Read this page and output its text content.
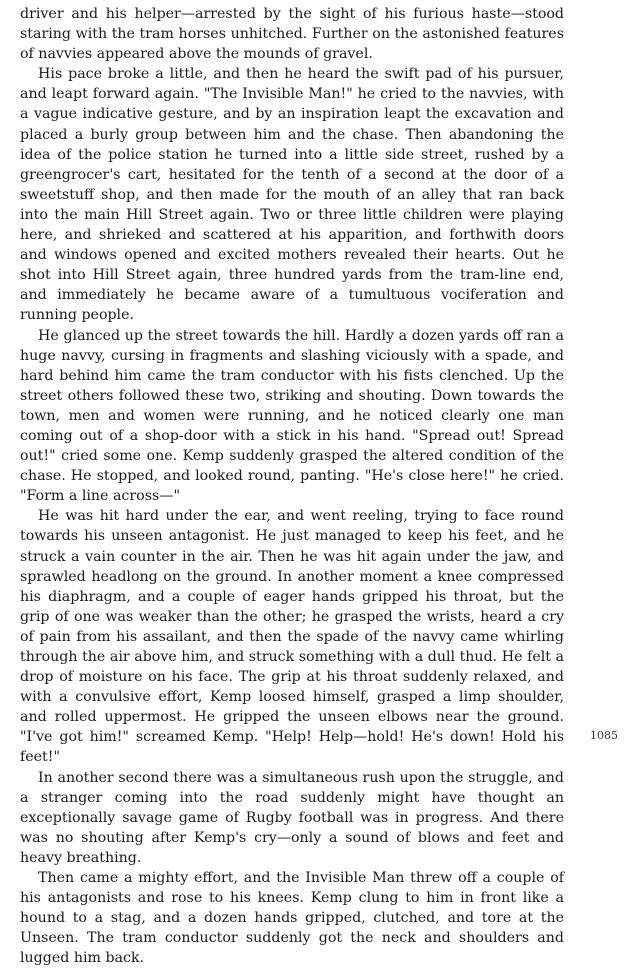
driver and his helper—arrested by the sight of his furious haste—stood staring with the tram horses unhitched. Further on the astonished features of navvies appeared above the mounds of gravel.

His pace broke a little, and then he heard the swift pad of his pursuer, and leapt forward again. "The Invisible Man!" he cried to the navvies, with a vague indicative gesture, and by an inspiration leapt the excavation and placed a burly group between him and the chase. Then abandoning the idea of the police station he turned into a little side street, rushed by a greengrocer's cart, hesitated for the tenth of a second at the door of a sweetstuff shop, and then made for the mouth of an alley that ran back into the main Hill Street again. Two or three little children were playing here, and shrieked and scattered at his apparition, and forthwith doors and windows opened and excited mothers revealed their hearts. Out he shot into Hill Street again, three hundred yards from the tram-line end, and immediately he became aware of a tumultuous vociferation and running people.

He glanced up the street towards the hill. Hardly a dozen yards off ran a huge navvy, cursing in fragments and slashing viciously with a spade, and hard behind him came the tram conductor with his fists clenched. Up the street others followed these two, striking and shouting. Down towards the town, men and women were running, and he noticed clearly one man coming out of a shop-door with a stick in his hand. "Spread out! Spread out!" cried some one. Kemp suddenly grasped the altered condition of the chase. He stopped, and looked round, panting. "He's close here!" he cried. "Form a line across—"

He was hit hard under the ear, and went reeling, trying to face round towards his unseen antagonist. He just managed to keep his feet, and he struck a vain counter in the air. Then he was hit again under the jaw, and sprawled headlong on the ground. In another moment a knee compressed his diaphragm, and a couple of eager hands gripped his throat, but the grip of one was weaker than the other; he grasped the wrists, heard a cry of pain from his assailant, and then the spade of the navvy came whirling through the air above him, and struck something with a dull thud. He felt a drop of moisture on his face. The grip at his throat suddenly relaxed, and with a convulsive effort, Kemp loosed himself, grasped a limp shoulder, and rolled uppermost. He gripped the unseen elbows near the ground. "I've got him!" screamed Kemp. "Help! Help—hold! He's down! Hold his feet!"

In another second there was a simultaneous rush upon the struggle, and a stranger coming into the road suddenly might have thought an exceptionally savage game of Rugby football was in progress. And there was no shouting after Kemp's cry—only a sound of blows and feet and heavy breathing.

Then came a mighty effort, and the Invisible Man threw off a couple of his antagonists and rose to his knees. Kemp clung to him in front like a hound to a stag, and a dozen hands gripped, clutched, and tore at the Unseen. The tram conductor suddenly got the neck and shoulders and lugged him back.

1085
